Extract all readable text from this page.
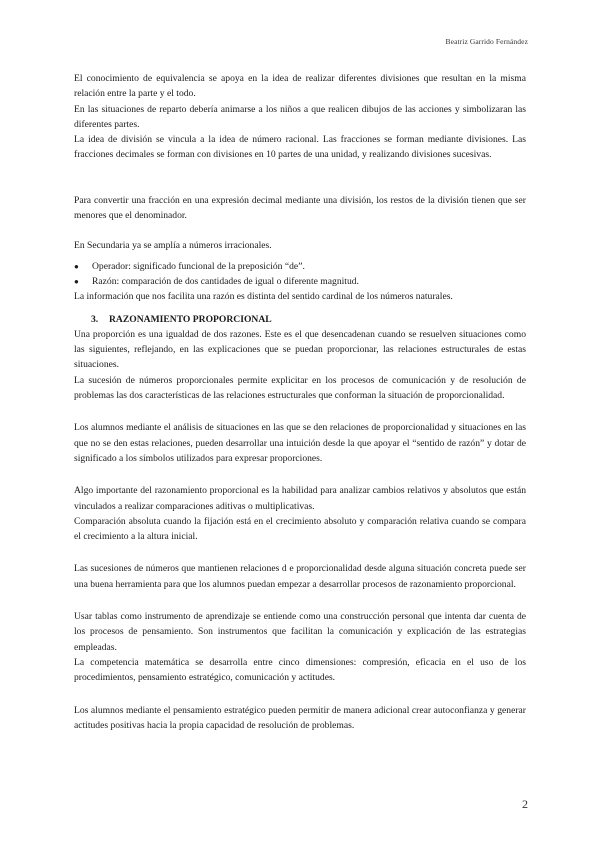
Beatriz Garrido Fernández

El conocimiento de equivalencia se apoya en la idea de realizar diferentes divisiones que resultan en la misma relación entre la parte y el todo.

En las situaciones de reparto debería animarse a los niños a que realicen dibujos de las acciones y simbolizaran las diferentes partes.

La idea de división se vincula a la idea de número racional. Las fracciones se forman mediante divisiones. Las fracciones decimales se forman con divisiones en 10 partes de una unidad, y realizando divisiones sucesivas.

Para convertir una fracción en una expresión decimal mediante una división, los restos de la división tienen que ser menores que el denominador.

En Secundaria ya se amplía a números irracionales.

● Operador: significado funcional de la preposición “de”.
● Razón: comparación de dos cantidades de igual o diferente magnitud.

La información que nos facilita una razón es distinta del sentido cardinal de los números naturales.

3. RAZONAMIENTO PROPORCIONAL

Una proporción es una igualdad de dos razones. Este es el que desencadenan cuando se resuelven situaciones como las siguientes, reflejando, en las explicaciones que se puedan proporcionar, las relaciones estructurales de estas situaciones.

La sucesión de números proporcionales permite explicitar en los procesos de comunicación y de resolución de problemas las dos características de las relaciones estructurales que conforman la situación de proporcionalidad.

Los alumnos mediante el análisis de situaciones en las que se den relaciones de proporcionalidad y situaciones en las que no se den estas relaciones, pueden desarrollar una intuición desde la que apoyar el “sentido de razón” y dotar de significado a los símbolos utilizados para expresar proporciones.

Algo importante del razonamiento proporcional es la habilidad para analizar cambios relativos y absolutos que están vinculados a realizar comparaciones aditivas o multiplicativas.

Comparación absoluta cuando la fijación está en el crecimiento absoluto y comparación relativa cuando se compara el crecimiento a la altura inicial.

Las sucesiones de números que mantienen relaciones d e proporcionalidad desde alguna situación concreta puede ser una buena herramienta para que los alumnos puedan empezar a desarrollar procesos de razonamiento proporcional.

Usar tablas como instrumento de aprendizaje se entiende como una construcción personal que intenta dar cuenta de los procesos de pensamiento. Son instrumentos que facilitan la comunicación y explicación de las estrategias empleadas.

La competencia matemática se desarrolla entre cinco dimensiones: compresión, eficacia en el uso de los procedimientos, pensamiento estratégico, comunicación y actitudes.

Los alumnos mediante el pensamiento estratégico pueden permitir de manera adicional crear autoconfianza y generar actitudes positivas hacia la propia capacidad de resolución de problemas.

2
